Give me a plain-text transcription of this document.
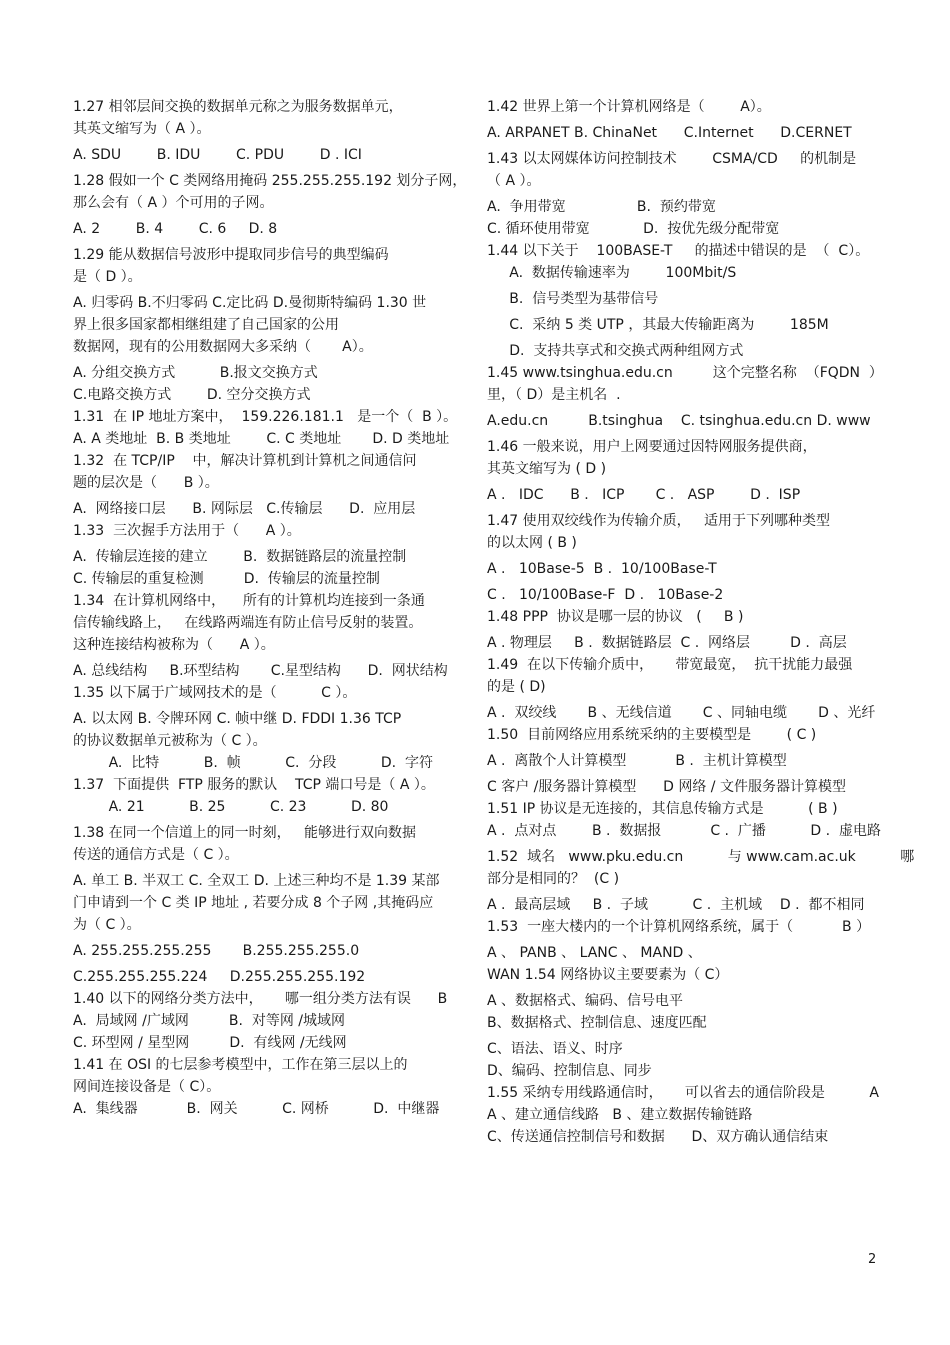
1.27 相邻层间交换的数据单元称之为服务数据单元，
其英文缩写为（ A ）。
A. SDU        B. IDU        C. PDU        D . ICI
1.28 假如一个 C 类网络用掩码 255.255.255.192 划分子网，
那么会有（ A ）个可用的子网。
A. 2        B. 4        C. 6     D. 8
1.29 能从数据信号波形中提取同步信号的典型编码
是（ D ）。
A. 归零码 B.不归零码 C.定比码 D.曼彻斯特编码 1.30 世
界上很多国家都相继组建了自己国家的公用
数据网，现有的公用数据网大多采纳（       A）。
A. 分组交换方式          B.报文交换方式
C.电路交换方式        D. 空分交换方式
1.31  在 IP 地址方案中，  159.226.181.1   是一个（  B ）。
A. A 类地址  B. B 类地址        C. C 类地址       D. D 类地址
1.32  在 TCP/IP    中，解决计算机到计算机之间通信问
题的层次是（      B ）。
A.  网络接口层      B. 网际层   C.传输层      D.  应用层
1.33  三次握手方法用于（      A ）。
A.  传输层连接的建立        B.  数据链路层的流量控制
C. 传输层的重复检测         D.  传输层的流量控制
1.34  在计算机网络中，    所有的计算机均连接到一条通
信传输线路上，   在线路两端连有防止信号反射的装置。
这种连接结构被称为（      A ）。
A. 总线结构     B.环型结构       C.星型结构      D.  网状结构
1.35 以下属于广域网技术的是（          C ）。
A. 以太网 B. 令牌环网 C. 帧中继 D. FDDI 1.36 TCP
的协议数据单元被称为（ C ）。
A.  比特          B.  帧          C.  分段          D.  字符
1.37  下面提供  FTP 服务的默认    TCP 端口号是（ A ）。
A. 21          B. 25          C. 23          D. 80
1.38 在同一个信道上的同一时刻，   能够进行双向数据
传送的通信方式是（ C ）。
A. 单工 B. 半双工 C. 全双工 D. 上述三种均不是 1.39 某部
门申请到一个 C 类 IP 地址 , 若要分成 8 个子网 ,其掩码应
为（ C ）。
A. 255.255.255.255       B.255.255.255.0
C.255.255.255.224     D.255.255.255.192
1.40 以下的网络分类方法中，     哪一组分类方法有误      B
A.  局域网 /广域网         B.  对等网 /城域网
C. 环型网 / 星型网         D.  有线网 /无线网
1.41 在 OSI 的七层参考模型中，工作在第三层以上的
网间连接设备是（ C）。
A.  集线器           B.  网关          C. 网桥          D.  中继器
1.42 世界上第一个计算机网络是（        A）。
A. ARPANET B. ChinaNet      C.Internet      D.CERNET
1.43 以太网媒体访问控制技术        CSMA/CD     的机制是
（ A ）。
A.  争用带宽                B.  预约带宽
C. 循环使用带宽            D.  按优先级分配带宽
1.44 以下关于    100BASE-T     的描述中错误的是  （  C）。
A.  数据传输速率为        100Mbit/S
B.  信号类型为基带信号
C.  采纳 5 类 UTP ，其最大传输距离为        185M
D.  支持共享式和交换式两种组网方式
1.45 www.tsinghua.edu.cn         这个完整名称  （FQDN  ）
里，（ D）是主机名  .
A.edu.cn         B.tsinghua    C. tsinghua.edu.cn D. www
1.46 一般来说，用户上网要通过因特网服务提供商，
其英文缩写为 ( D )
A .   IDC      B .   ICP       C .   ASP        D .  ISP
1.47 使用双绞线作为传输介质，   适用于下列哪种类型
的以太网 ( B )
A .   10Base-5  B .  10/100Base-T
C .   10/100Base-F  D .   10Base-2
1.48 PPP  协议是哪一层的协议   (     B )
A . 物理层     B .  数据链路层  C .  网络层         D .  高层
1.49  在以下传输介质中，     带宽最宽，  抗干扰能力最强
的是 ( D)
A .  双绞线       B 、无线信道       C 、同轴电缆       D 、光纤
1.50  目前网络应用系统采纳的主要模型是        ( C )
A .  离散个人计算模型           B .  主机计算模型
C 客户 /服务器计算模型      D 网络 / 文件服务器计算模型
1.51 IP 协议是无连接的，其信息传输方式是          ( B )
A .  点对点        B .  数据报           C .  广播          D .  虚电路
1.52  域名   www.pku.edu.cn          与 www.cam.ac.uk          哪
部分是相同的？  (C )
A .  最高层域     B .  子域          C .  主机域    D .  都不相同
1.53  一座大楼内的一个计算机网络系统，属于（           B ）
A 、 PANB 、 LANC 、 MAND 、
WAN 1.54 网络协议主要要素为（ C）
A 、数据格式、编码、信号电平
B、数据格式、控制信息、速度匹配
C、语法、语义、时序
D、编码、控制信息、同步
1.55 采纳专用线路通信时，     可以省去的通信阶段是          A
A 、建立通信线路   B 、建立数据传输链路
C、传送通信控制信号和数据      D、双方确认通信结束
2
